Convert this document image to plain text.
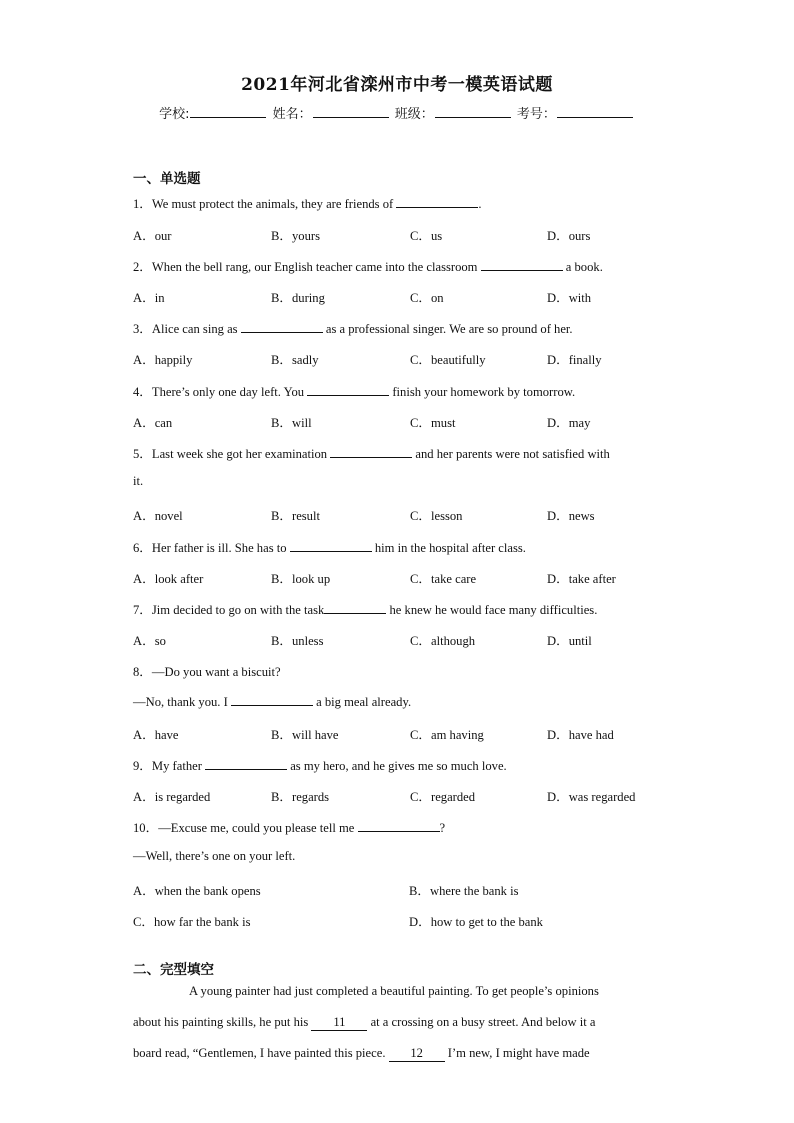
2021年河北省滦州市中考一模英语试题
学校:	姓名：	班级：	考号：
一、单选题
1．We must protect the animals, they are friends of	.
A．our	B．yours	C．us	D．ours
2．When the bell rang, our English teacher came into the classroom	a book.
A．in	B．during	C．on	D．with
3．Alice can sing as	as a professional singer. We are so pround of her.
A．happily	B．sadly	C．beautifully	D．finally
4．There’s only one day left. You	finish your homework by tomorrow.
A．can	B．will	C．must	D．may
5．Last week she got her examination	and her parents were not satisfied with
it.
A．novel	B．result	C．lesson	D．news
6．Her father is ill. She has to	him in the hospital after class.
A．look after	B．look up	C．take care	D．take after
7．Jim decided to go on with the task	he knew he would face many difficulties.
A．so	B．unless	C．although	D．until
8．—Do you want a biscuit?
—No, thank you. I	a big meal already.
A．have	B．will have	C．am having	D．have had
9．My father	as my hero, and he gives me so much love.
A．is regarded	B．regards	C．regarded	D．was regarded
10．—Excuse me, could you please tell me	?
—Well, there’s one on your left.
A．when the bank opens	B．where the bank is
C．how far the bank is	D．how to get to the bank
二、完型填空
A young painter had just completed a beautiful painting. To get people’s opinions
about his painting skills, he put his 11 at a crossing on a busy street. And below it a
board read, “Gentlemen, I have painted this piece. 12 I’m new, I might have made
